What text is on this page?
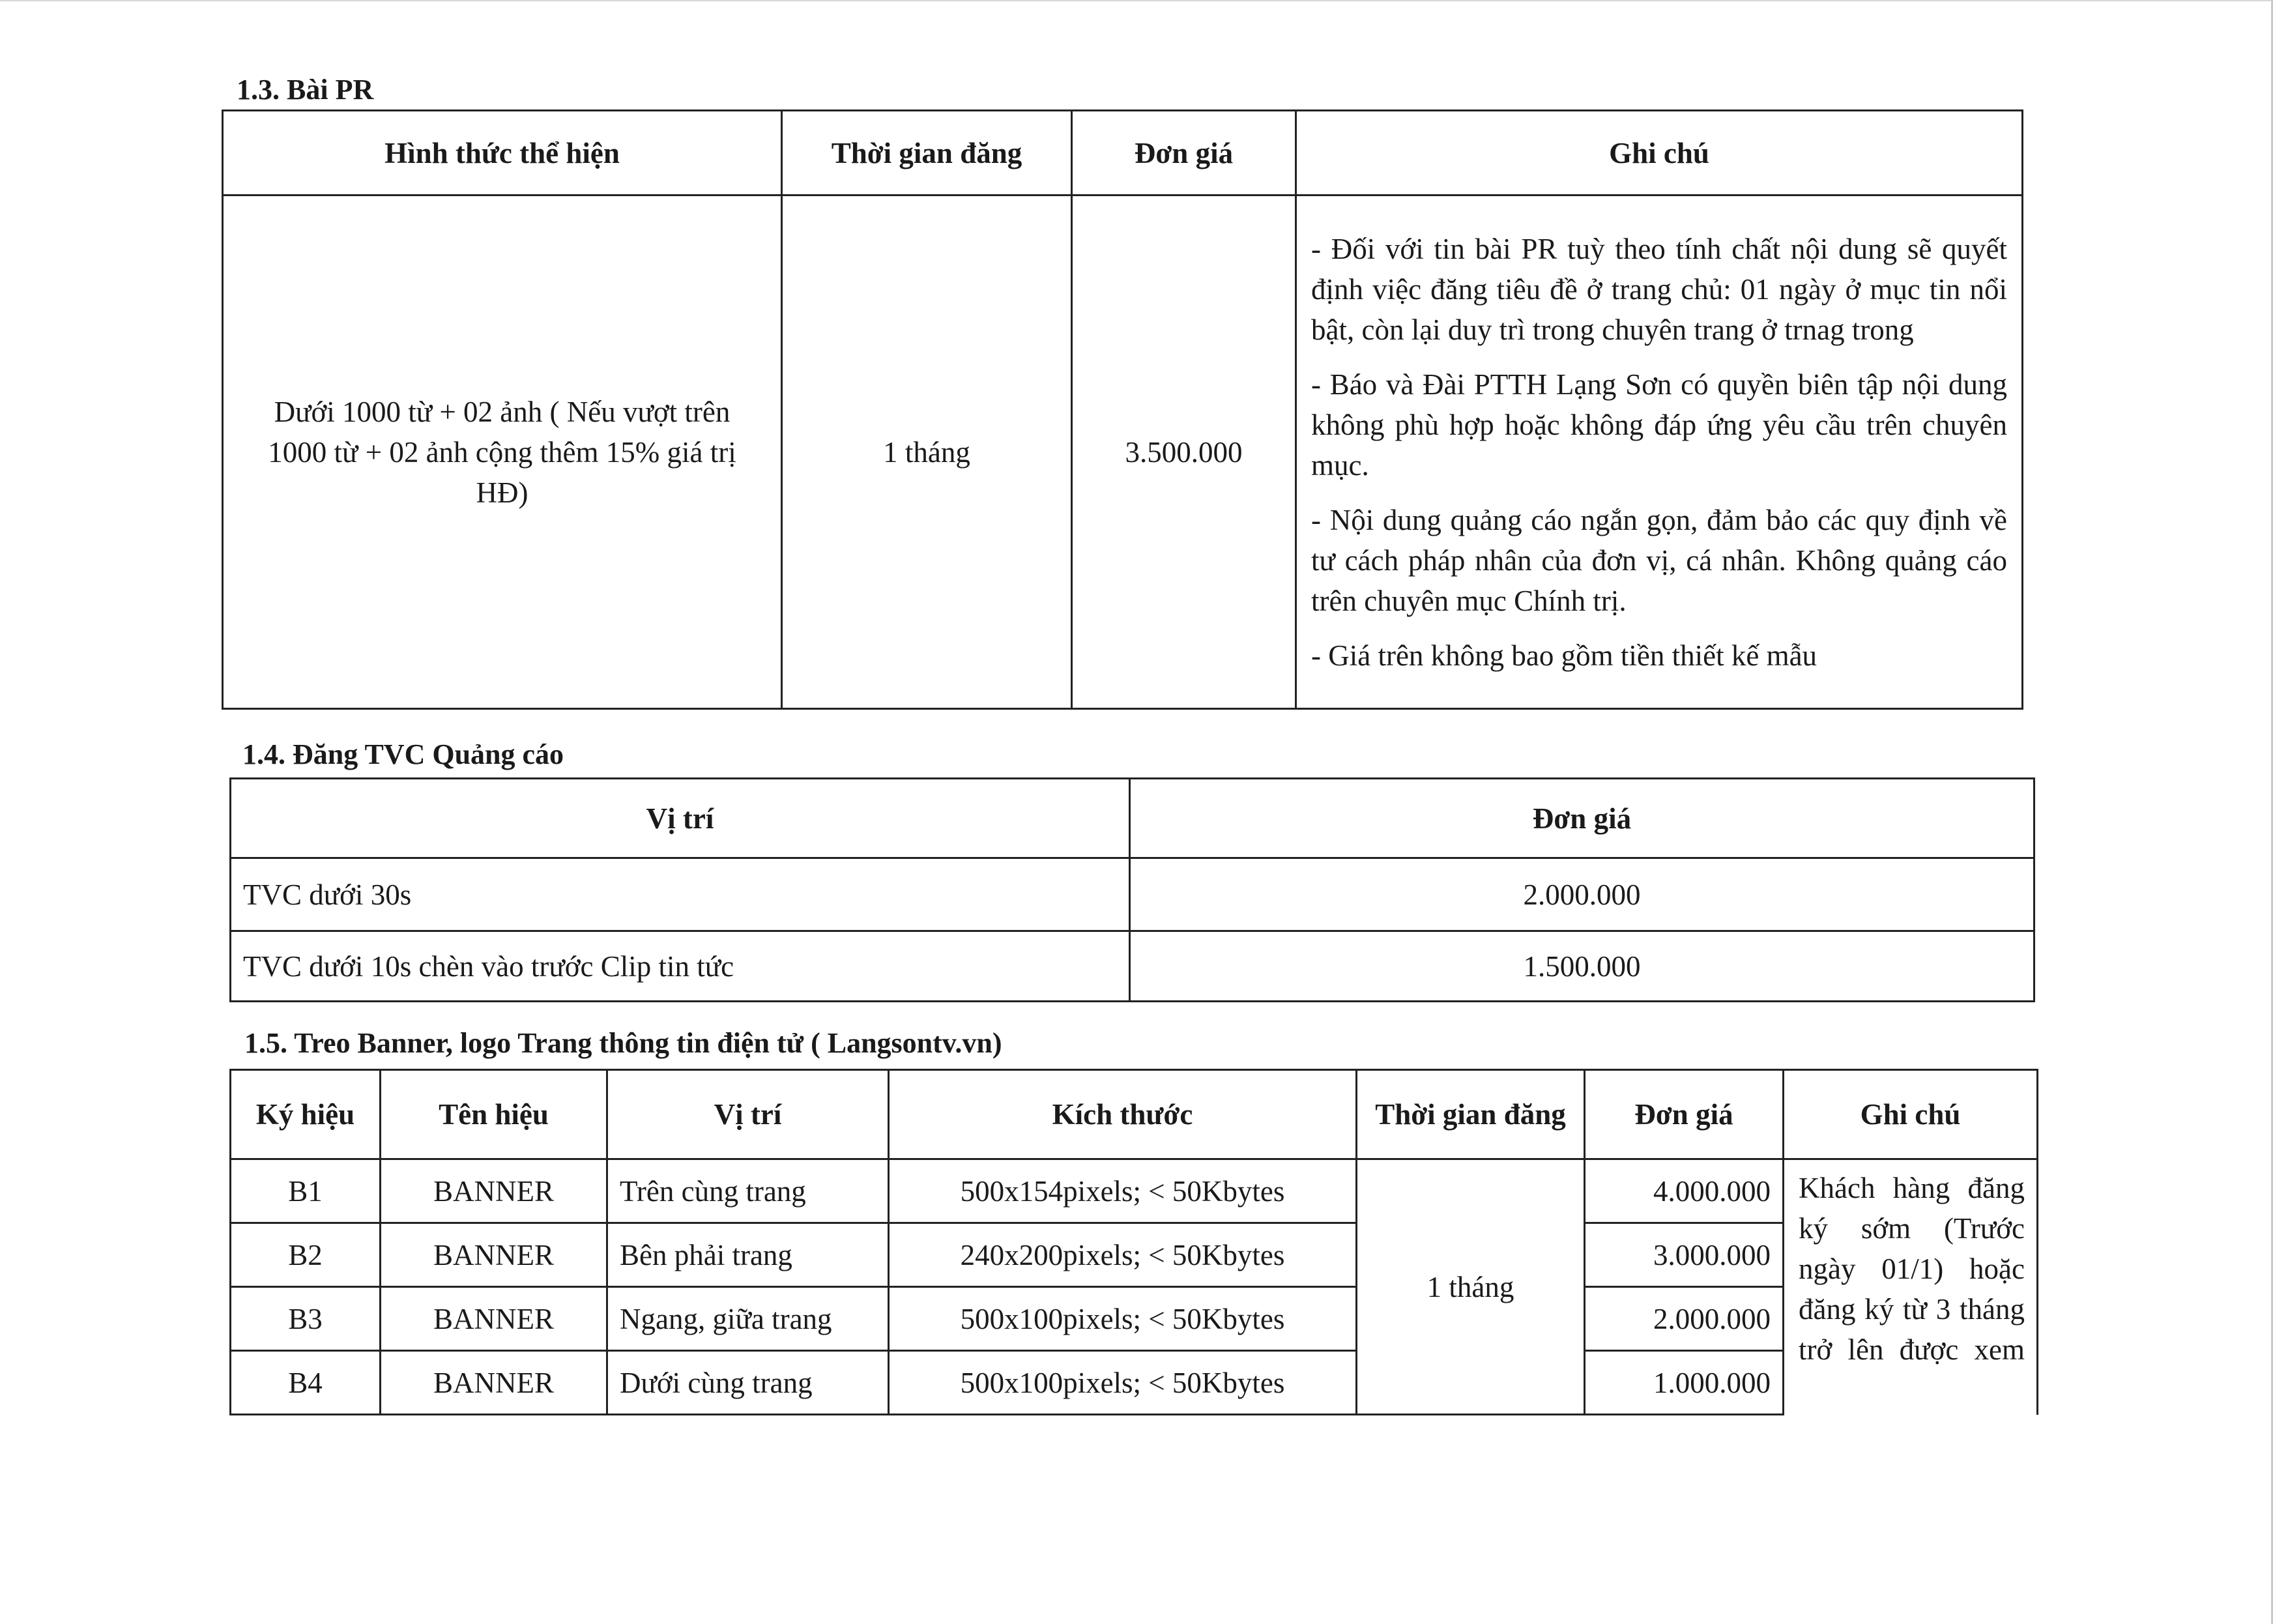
1.3. Bài PR
Hình thức thể hiện	Thời gian đăng	Đơn giá	Ghi chú
Dưới 1000 từ + 02 ảnh ( Nếu vượt trên 1000 từ + 02 ảnh cộng thêm 15% giá trị HĐ)	1 tháng	3.500.000	- Đối với tin bài PR tuỳ theo tính chất nội dung sẽ quyết định việc đăng tiêu đề ở trang chủ: 01 ngày ở mục tin nổi bật, còn lại duy trì trong chuyên trang ở trnag trong

- Báo và Đài PTTH Lạng Sơn có quyền biên tập nội dung không phù hợp hoặc không đáp ứng yêu cầu trên chuyên mục.

- Nội dung quảng cáo ngắn gọn, đảm bảo các quy định về tư cách pháp nhân của đơn vị, cá nhân. Không quảng cáo trên chuyên mục Chính trị.

- Giá trên không bao gồm tiền thiết kế mẫu

1.4. Đăng TVC Quảng cáo
Vị trí	Đơn giá
TVC dưới 30s	2.000.000
TVC dưới 10s chèn vào trước Clip tin tức	1.500.000
1.5. Treo Banner, logo Trang thông tin điện tử ( Langsontv.vn)
Ký hiệu	Tên hiệu	Vị trí	Kích thước	Thời gian đăng	Đơn giá	Ghi chú
B1	BANNER	Trên cùng trang	500x154pixels; < 50Kbytes	1 tháng	4.000.000	Khách hàng đăng ký sớm (Trước ngày 01/1) hoặc đăng ký từ 3 tháng trở lên được xem

B2	BANNER	Bên phải trang	240x200pixels; < 50Kbytes		3.000.000	
B3	BANNER	Ngang, giữa trang	500x100pixels; < 50Kbytes		2.000.000	
B4	BANNER	Dưới cùng trang	500x100pixels; < 50Kbytes		1.000.000	
